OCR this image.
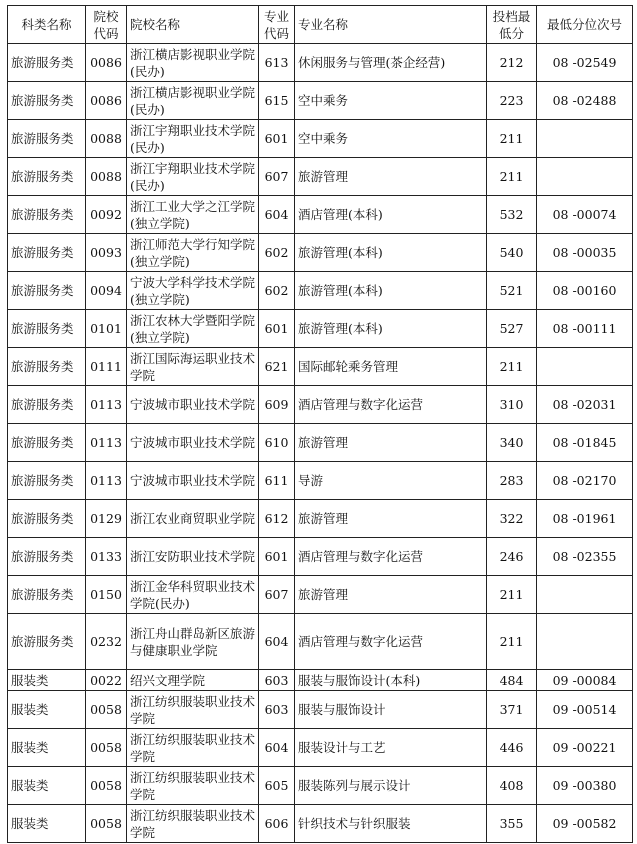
科类名称	院校代码	院校名称	专业代码	专业名称	投档最低分	最低分位次号
旅游服务类	0086	浙江横店影视职业学院(民办)	613	休闲服务与管理(茶企经营)	212	08 -02549
旅游服务类	0086	浙江横店影视职业学院(民办)	615	空中乘务	223	08 -02488
旅游服务类	0088	浙江宇翔职业技术学院(民办)	601	空中乘务	211	
旅游服务类	0088	浙江宇翔职业技术学院(民办)	607	旅游管理	211	
旅游服务类	0092	浙江工业大学之江学院(独立学院)	604	酒店管理(本科)	532	08 -00074
旅游服务类	0093	浙江师范大学行知学院(独立学院)	602	旅游管理(本科)	540	08 -00035
旅游服务类	0094	宁波大学科学技术学院(独立学院)	602	旅游管理(本科)	521	08 -00160
旅游服务类	0101	浙江农林大学暨阳学院(独立学院)	601	旅游管理(本科)	527	08 -00111
旅游服务类	0111	浙江国际海运职业技术学院	621	国际邮轮乘务管理	211	
旅游服务类	0113	宁波城市职业技术学院	609	酒店管理与数字化运营	310	08 -02031
旅游服务类	0113	宁波城市职业技术学院	610	旅游管理	340	08 -01845
旅游服务类	0113	宁波城市职业技术学院	611	导游	283	08 -02170
旅游服务类	0129	浙江农业商贸职业学院	612	旅游管理	322	08 -01961
旅游服务类	0133	浙江安防职业技术学院	601	酒店管理与数字化运营	246	08 -02355
旅游服务类	0150	浙江金华科贸职业技术学院(民办)	607	旅游管理	211	
旅游服务类	0232	浙江舟山群岛新区旅游与健康职业学院	604	酒店管理与数字化运营	211	
服装类	0022	绍兴文理学院	603	服装与服饰设计(本科)	484	09 -00084
服装类	0058	浙江纺织服装职业技术学院	603	服装与服饰设计	371	09 -00514
服装类	0058	浙江纺织服装职业技术学院	604	服装设计与工艺	446	09 -00221
服装类	0058	浙江纺织服装职业技术学院	605	服装陈列与展示设计	408	09 -00380
服装类	0058	浙江纺织服装职业技术学院	606	针织技术与针织服装	355	09 -00582
